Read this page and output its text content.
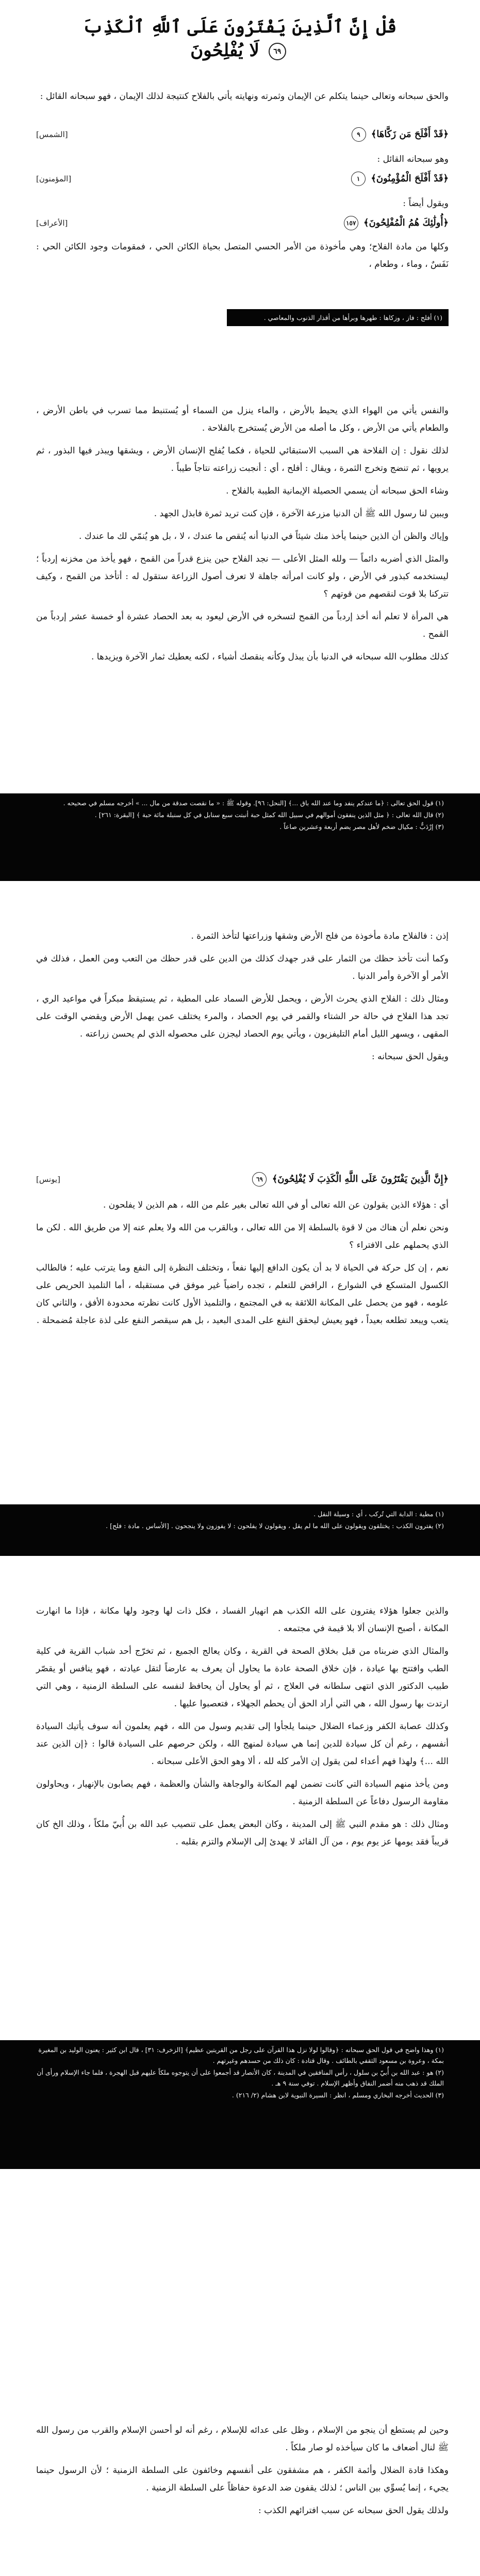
قُلْ إِنَّ ٱلَّذِينَ يَفْتَرُونَ عَلَى ٱللَّهِ ٱلْكَذِبَ
٦٩ لَا يُفْلِحُونَ
والحق سبحانه وتعالى حينما يتكلم عن الإيمان وثمرته ونهايته يأتي بالفلاح كنتيجة لذلك الإيمان ، فهو سبحانه القائل :
﴿قَدْ أَفْلَحَ مَن زَكَّاهَا﴾ ٩
[الشمس]
وهو سبحانه القائل :
﴿قَدْ أَفْلَحَ الْمُؤْمِنُونَ﴾ ١
[المؤمنون]
ويقول أيضاً :
﴿أُولَٰئِكَ هُمُ الْمُفْلِحُونَ﴾ ١٥٧
[الأعراف]
وكلها من مادة الفلاح؛ وهي مأخوذة من الأمر الحسي المتصل بحياة الكائن الحي ، فمقومات وجود الكائن الحي : نَفَسٌ ، وماء ، وطعام ،
(١) أفلح : فاز ، وزكاها : طهرها وبرأها من أقذار الذنوب والمعاصي .

والنفس يأتي من الهواء الذي يحيط بالأرض ، والماء ينزل من السماء أو يُستنبط مما تسرب في باطن الأرض ، والطعام يأتي من الأرض ، وكل ما أصله من الأرض يُستخرج بالفلاحة .

لذلك نقول : إن الفلاحة هي السبب الاستبقائي للحياة ، فكما يُفلح الإنسان الأرض ، ويشقها ويبذر فيها البذور ، ثم يرويها ، ثم تنضج وتخرج الثمرة ، ويقال : أفلح ، أي : أنجبت زراعته نتاجاً طيباً .

وشاء الحق سبحانه أن يسمي الحصيلة الإيمانية الطيبة بالفلاح .

ويبين لنا رسول الله ﷺ أن الدنيا مزرعة الآخرة ، فإن كنت تريد ثمرة فابذل الجهد .

وإياك والظن أن الذين حينما يأخذ منك شيئاً في الدنيا أنه يُنقص ما عندك ، لا ، بل هو يُنمّي لك ما عندك .

والمثل الذي أضربه دائماً — ولله المثل الأعلى — نجد الفلاح حين ينزع قدراً من القمح ، فهو يأخذ من مخزنه إردباً ؛ ليستخدمه كبذور في الأرض ، ولو كانت امرأته جاهلة لا تعرف أصول الزراعة ستقول له : أتأخذ من القمح ، وكيف تتركنا بلا قوت لنقصهم من قوتهم ؟

هي المرأة لا تعلم أنه أخذ إردباً من القمح لتسخره في الأرض ليعود به بعد الحصاد عشرة أو خمسة عشر إردباً من القمح .

كذلك مطلوب الله سبحانه في الدنيا بأن يبذل وكأنه ينقصك أشياء ، لكنه يعطيك ثمار الآخرة ويزيدها .

(١) قول الحق تعالى : ﴿ما عندكم ينفد وما عند الله باق ...﴾ [النحل: ٩٦]. وقوله ﷺ : « ما نقصت صدقة من مال ... » أخرجه مسلم في صحيحه .

(٢) قال الله تعالى : ﴿ مثل الذين ينفقون أموالهم في سبيل الله كمثل حبة أنبتت سبع سنابل في كل سنبلة مائة حبة ﴾ [البقرة: ٢٦١] .

(٣) إرْدَبٌّ : مكيال ضخم لأهل مصر يضم أربعة وعشرين صاعاً .

إذن : فالفلاح مادة مأخوذة من فلح الأرض وشقها وزراعتها لتأخذ الثمرة .

وكما أنت تأخذ حظك من الثمار على قدر جهدك كذلك من الدين على قدر حظك من التعب ومن العمل ، فذلك في الأمر أو الآخرة وأمر الدنيا .

ومثال ذلك : الفلاح الذي يحرث الأرض ، ويحمل للأرض السماد على المطية ، ثم يستيقظ مبكراً في مواعيد الري ، تجد هذا الفلاح في حالة حر الشتاء والقمر في يوم الحصاد ، والمرء يختلف عمن يهمل الأرض ويقضي الوقت على المقهى ، ويسهر الليل أمام التليفزيون ، ويأتي يوم الحصاد ليجزن على محصوله الذي لم يحسن زراعته .

ويقول الحق سبحانه :

﴿إِنَّ الَّذِينَ يَفْتَرُونَ عَلَى اللَّهِ الْكَذِبَ لَا يُفْلِحُونَ﴾ ٦٩
[يونس]

أي : هؤلاء الذين يقولون عن الله تعالى أو في الله تعالى بغير علم من الله ، هم الذين لا يفلحون .

ونحن نعلم أن هناك من لا قوة بالسلطة إلا من الله تعالى ، وبالقرب من الله ولا يعلم عنه إلا من طريق الله . لكن ما الذي يحملهم على الافتراء ؟

نعم ، إن كل حركة في الحياة لا بد أن يكون الدافع إليها نفعاً ، وتختلف النظرة إلى النفع وما يترتب عليه ؛ فالطالب الكسول المتسكع في الشوارع ، الرافض للتعلم ، تجده راضياً غير موفق في مستقبله ، أما التلميذ الحريص على علومه ، فهو من يحصل على المكانة اللائقة به في المجتمع ، والتلميذ الأول كانت نظرته محدودة الأفق ، والثاني كان يتعب ويبعد تطلعه بعيداً ، فهو يعيش ليحقق النفع على المدى البعيد ، بل هم سيقصر النفع على لذة عاجلة مُضمحلة .

(١) مطية : الدابة التي تُركب ، أي : وسيلة النقل .

(٢) يفترون الكذب : يختلقون ويقولون على الله ما لم يقل ، ويقولون لا يفلحون : لا يفوزون ولا ينجحون . [الأساس . مادة : فلح] .

والذين جعلوا هؤلاء يفترون على الله الكذب هم انهيار الفساد ، فكل ذات لها وجود ولها مكانة ، فإذا ما انهارت المكانة ، أصبح الإنسان ألا بلا قيمة في مجتمعه .

والمثال الذي ضربناه من قبل بخلاق الصحة في القرية ، وكان يعالج الجميع ، ثم تخرّج أحد شباب القرية في كلية الطب وافتتح بها عيادة ، فإن خلاق الصحة عادة ما يحاول أن يعرف به عارضاً لتقل عيادته ، فهو ينافس أو يقصّر طبيب الدكتور الذي انتهى سلطانه في العلاج ، ثم أو يحاول أن يحافظ لنفسه على السلطة الزمنية ، وهي التي ارتدت بها رسول الله ، هي التي أراد الحق أن يحطم الجهلاء ، فتعصبوا عليها .

وكذلك عصابة الكفر وزعماء الضلال حينما يلجأوا إلى تقديم وسول من الله ، فهم يعلمون أنه سوف يأتيك السيادة أنفسهم ، رغم أن كل سيادة للدين إنما هي سيادة لمنهج الله ، ولكن حرصهم على السيادة قالوا : ﴿إن الذين عند الله ...﴾ ولهذا فهم أعداء لمن يقول إن الأمر كله لله ، ألا وهو الحق الأعلى سبحانه .

ومن يأخذ منهم السيادة التي كانت تضمن لهم المكانة والوجاهة والشأن والعظمة ، فهم يصابون بالإنهيار ، ويحاولون مقاومة الرسول دفاعاً عن السلطة الزمنية .

ومثال ذلك : هو مقدم النبي ﷺ إلى المدينة ، وكان البعض يعمل على تنصيب عبد الله بن أُبيّ ملكاً ، وذلك الخ كان قريباً فقد يومها عز يوم يوم ، من آل القائد لا يهدئ إلى الإسلام والتزم بقلبه .

(١) وهذا واضح في قول الحق سبحانه : ﴿وقالوا لولا نزل هذا القرآن على رجل من القريتين عظيم﴾ [الزخرف: ٣١] ، قال ابن كثير : يعنون الوليد بن المغيرة بمكة ، وعروة بن مسعود الثقفي بالطائف . وقال قتادة : كان ذلك من حسدهم وغيرتهم .

(٢) هو : عبد الله بن أُبيّ بن سلول ، رأس المنافقين في المدينة ، كان الأنصار قد أجمعوا على أن يتوجوه ملكاً عليهم قبل الهجرة ، فلما جاء الإسلام ورأى أن الملك قد ذهب منه أضمر النفاق وأظهر الإسلام . توفي سنة ٩ هـ .

(٣) الحديث أخرجه البخاري ومسلم ، انظر : السيرة النبوية لابن هشام (٢/ ٢١٦) .

وحين لم يستطع أن ينجو من الإسلام ، وظل على عدائه للإسلام ، رغم أنه لو أحسن الإسلام والقرب من رسول الله ﷺ لنال أضعاف ما كان سيأخذه لو صار ملكاً .

وهكذا قادة الضلال وأئمة الكفر ، هم مشفقون على أنفسهم وخائفون على السلطة الزمنية ؛ لأن الرسول حينما يجيء ، إنما يُسوِّي بين الناس ؛ لذلك يقفون ضد الدعوة حفاظاً على السلطة الزمنية .

ولذلك يقول الحق سبحانه عن سبب افترائهم الكذب :
